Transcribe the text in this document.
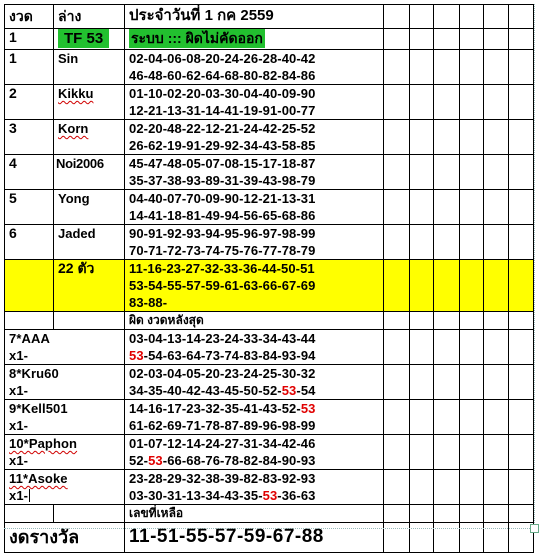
งวด	ล่าง	ประจำวันที่ 1 กค 2559						
1	TF 53	ระบบ ::: ผิดไม่คัดออก						
1	Sin	02-04-06-08-20-24-26-28-40-42
46-48-60-62-64-68-80-82-84-86						

2	Kikku	01-10-02-20-03-30-04-40-09-90
12-21-13-31-14-41-19-91-00-77						

3	Korn	02-20-48-22-12-21-24-42-25-52
26-62-19-91-29-92-34-43-58-85						

4	Noi2006	45-47-48-05-07-08-15-17-18-87
35-37-38-93-89-31-39-43-98-79						

5	Yong	04-40-07-70-09-90-12-21-13-31
14-41-18-81-49-94-56-65-68-86						

6	Jaded	90-91-92-93-94-95-96-97-98-99
70-71-72-73-74-75-76-77-78-79						

	22 ตัว	11-16-23-27-32-33-36-44-50-51
53-54-55-57-59-61-63-66-67-69
83-88-						

		ผิด งวดหลังสุด						

7*AAA
x1-		03-04-13-14-23-24-33-34-43-44
53-54-63-64-73-74-83-84-93-94						

8*Kru60
x1-		02-03-04-05-20-23-24-25-30-32
34-35-40-42-43-45-50-52-53-54						

9*Kell501
x1-		14-16-17-23-32-35-41-43-52-53
61-62-69-71-78-87-89-96-98-99						

10*Paphon
x1-		01-07-12-14-24-27-31-34-42-46
52-53-66-68-76-78-82-84-90-93						

11*Asoke
x1-		23-28-29-32-38-39-82-83-92-93
03-30-31-13-34-43-35-53-36-63						

		เลขที่เหลือ						
งดรางวัล		11-51-55-57-59-67-88						
